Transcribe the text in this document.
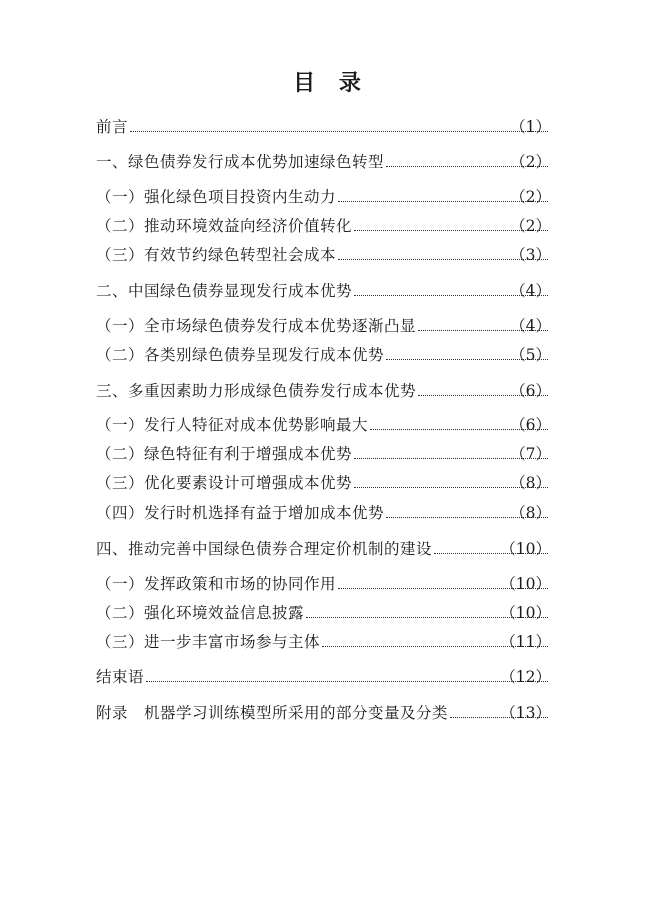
目 录
前言	（1）
一、绿色债券发行成本优势加速绿色转型	（2）
（一）强化绿色项目投资内生动力	（2）
（二）推动环境效益向经济价值转化	（2）
（三）有效节约绿色转型社会成本	（3）
二、中国绿色债券显现发行成本优势	（4）
（一）全市场绿色债券发行成本优势逐渐凸显	（4）
（二）各类别绿色债券呈现发行成本优势	（5）
三、多重因素助力形成绿色债券发行成本优势	（6）
（一）发行人特征对成本优势影响最大	（6）
（二）绿色特征有利于增强成本优势	（7）
（三）优化要素设计可增强成本优势	（8）
（四）发行时机选择有益于增加成本优势	（8）
四、推动完善中国绿色债券合理定价机制的建设	（10）
（一）发挥政策和市场的协同作用	（10）
（二）强化环境效益信息披露	（10）
（三）进一步丰富市场参与主体	（11）
结束语	（12）
附录　机器学习训练模型所采用的部分变量及分类	（13）
